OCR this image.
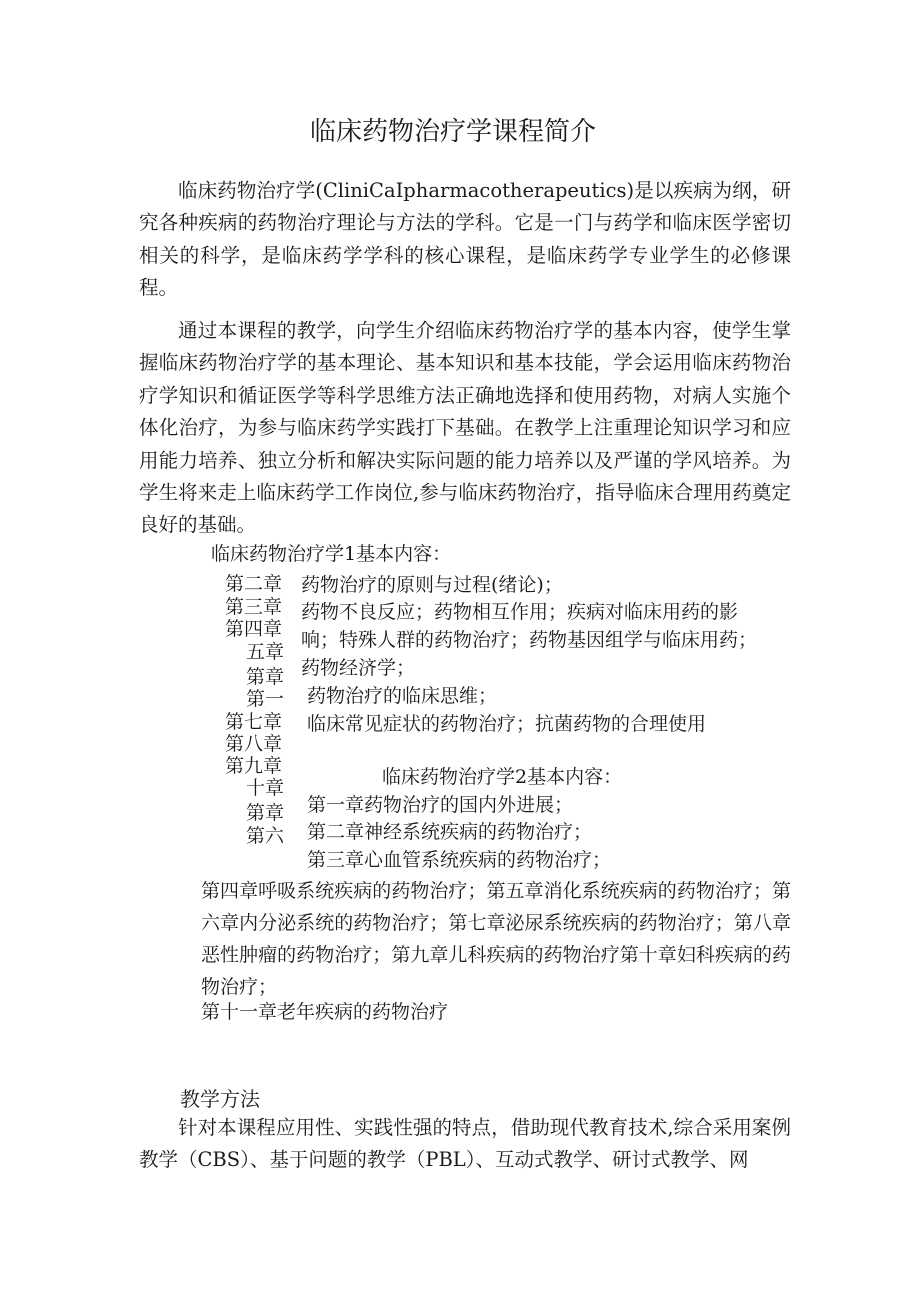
临床药物治疗学课程简介

临床药物治疗学(CliniCaIpharmacotherapeutics)是以疾病为纲，研究各种疾病的药物治疗理论与方法的学科。它是一门与药学和临床医学密切相关的科学，是临床药学学科的核心课程，是临床药学专业学生的必修课程。

通过本课程的教学，向学生介绍临床药物治疗学的基本内容，使学生掌握临床药物治疗学的基本理论、基本知识和基本技能，学会运用临床药物治疗学知识和循证医学等科学思维方法正确地选择和使用药物，对病人实施个体化治疗，为参与临床药学实践打下基础。在教学上注重理论知识学习和应用能力培养、独立分析和解决实际问题的能力培养以及严谨的学风培养。为学生将来走上临床药学工作岗位,参与临床药物治疗，指导临床合理用药奠定良好的基础。

临床药物治疗学1基本内容：
第二章
第三章
第四章
五章
第章
第一
第七章
第八章
第九章
十章
第章
第六
药物治疗的原则与过程(绪论)；
药物不良反应；药物相互作用；疾病对临床用药的影
响；特殊人群的药物治疗；药物基因组学与临床用药；
药物经济学；
药物治疗的临床思维；
临床常见症状的药物治疗；抗菌药物的合理使用
临床药物治疗学2基本内容：
第一章药物治疗的国内外进展；
第二章神经系统疾病的药物治疗；
第三章心血管系统疾病的药物治疗；

第四章呼吸系统疾病的药物治疗；第五章消化系统疾病的药物治疗；第六章内分泌系统的药物治疗；第七章泌尿系统疾病的药物治疗；第八章恶性肿瘤的药物治疗；第九章儿科疾病的药物治疗第十章妇科疾病的药物治疗；

第十一章老年疾病的药物治疗
教学方法

针对本课程应用性、实践性强的特点，借助现代教育技术,综合采用案例教学（CBS）、基于问题的教学（PBL）、互动式教学、研讨式教学、网
